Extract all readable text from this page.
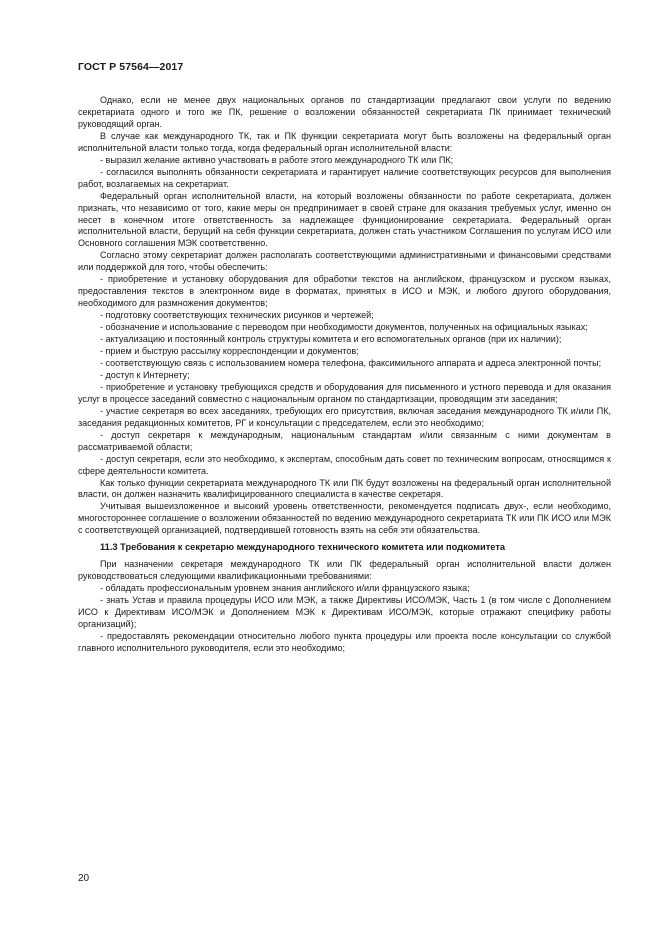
ГОСТ Р 57564—2017

Однако, если не менее двух национальных органов по стандартизации предлагают свои услуги по ведению секретариата одного и того же ПК, решение о возложении обязанностей секретариата ПК принимает технический руководящий орган.

В случае как международного ТК, так и ПК функции секретариата могут быть возложены на федеральный орган исполнительной власти только тогда, когда федеральный орган исполнительной власти:

- выразил желание активно участвовать в работе этого международного ТК или ПК;

- согласился выполнять обязанности секретариата и гарантирует наличие соответствующих ресурсов для выполнения работ, возлагаемых на секретариат.

Федеральный орган исполнительной власти, на который возложены обязанности по работе секретариата, должен признать, что независимо от того, какие меры он предпринимает в своей стране для оказания требуемых услуг, именно он несет в конечном итоге ответственность за надлежащее функционирование секретариата. Федеральный орган исполнительной власти, берущий на себя функции секретариата, должен стать участником Соглашения по услугам ИСО или Основного соглашения МЭК соответственно.

Согласно этому секретариат должен располагать соответствующими административными и финансовыми средствами или поддержкой для того, чтобы обеспечить:

- приобретение и установку оборудования для обработки текстов на английском, французском и русском языках, предоставления текстов в электронном виде в форматах, принятых в ИСО и МЭК, и любого другого оборудования, необходимого для размножения документов;

- подготовку соответствующих технических рисунков и чертежей;

- обозначение и использование с переводом при необходимости документов, полученных на официальных языках;

- актуализацию и постоянный контроль структуры комитета и его вспомогательных органов (при их наличии);

- прием и быструю рассылку корреспонденции и документов;

- соответствующую связь с использованием номера телефона, факсимильного аппарата и адреса электронной почты;

- доступ к Интернету;

- приобретение и установку требующихся средств и оборудования для письменного и устного перевода и для оказания услуг в процессе заседаний совместно с национальным органом по стандартизации, проводящим эти заседания;

- участие секретаря во всех заседаниях, требующих его присутствия, включая заседания международного ТК и/или ПК, заседания редакционных комитетов, РГ и консультации с председателем, если это необходимо;

- доступ секретаря к международным, национальным стандартам и/или связанным с ними документам в рассматриваемой области;

- доступ секретаря, если это необходимо, к экспертам, способным дать совет по техническим вопросам, относящимся к сфере деятельности комитета.

Как только функции секретариата международного ТК или ПК будут возложены на федеральный орган исполнительной власти, он должен назначить квалифицированного специалиста в качестве секретаря.

Учитывая вышеизложенное и высокий уровень ответственности, рекомендуется подписать двух-, если необходимо, многостороннее соглашение о возложении обязанностей по ведению международного секретариата ТК или ПК ИСО или МЭК с соответствующей организацией, подтвердившей готовность взять на себя эти обязательства.

11.3 Требования к секретарю международного технического комитета или подкомитета

При назначении секретаря международного ТК или ПК федеральный орган исполнительной власти должен руководствоваться следующими квалификационными требованиями:

- обладать профессиональным уровнем знания английского и/или французского языка;

- знать Устав и правила процедуры ИСО или МЭК, а также Директивы ИСО/МЭК, Часть 1 (в том числе с Дополнением ИСО к Директивам ИСО/МЭК и Дополнением МЭК к Директивам ИСО/МЭК, которые отражают специфику работы организаций);

- предоставлять рекомендации относительно любого пункта процедуры или проекта после консультации со службой главного исполнительного руководителя, если это необходимо;

20
